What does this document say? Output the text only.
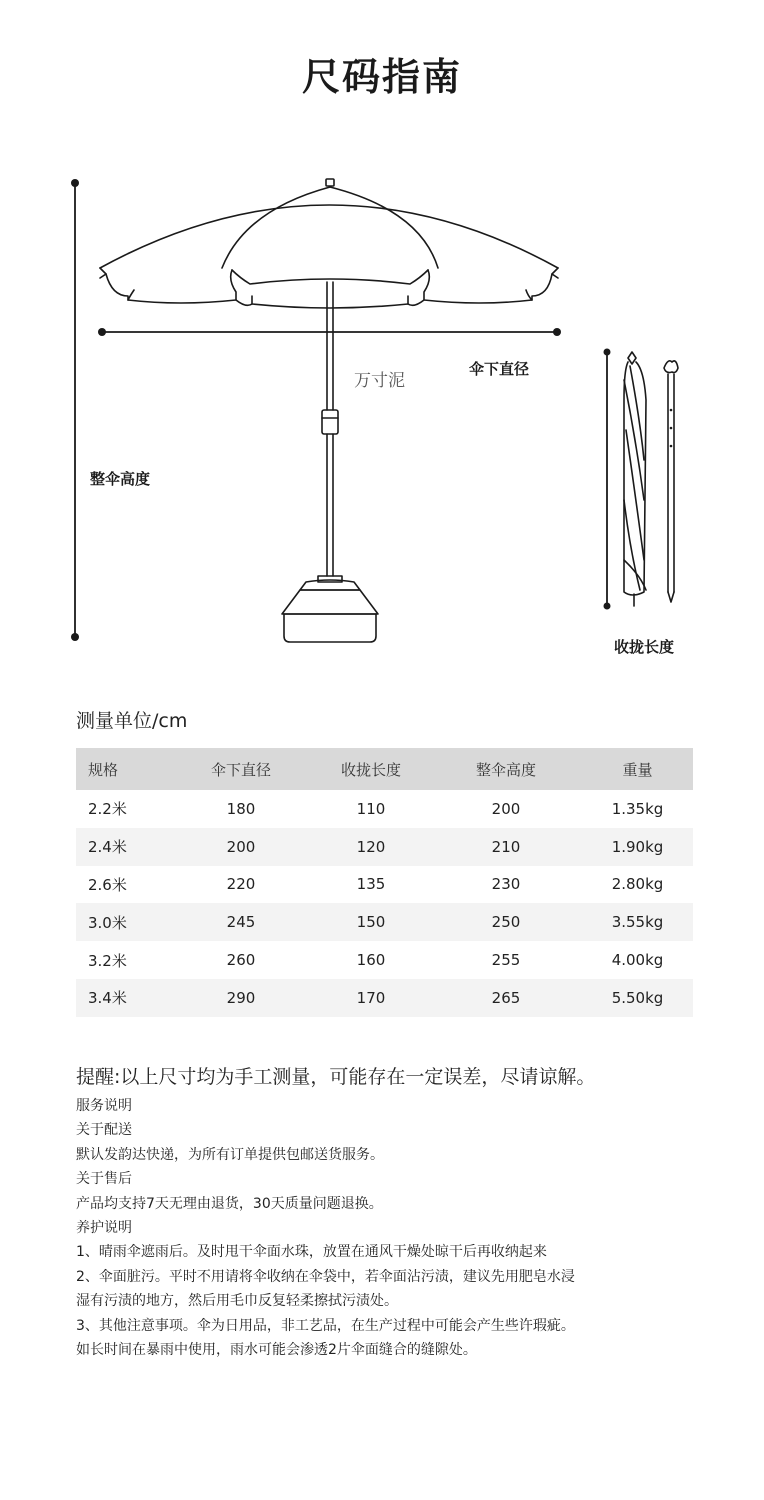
尺码指南
伞下直径
整伞高度
收拢长度
万寸泥
测量单位/cm
规格	伞下直径	收拢长度	整伞高度	重量
2.2米	180	110	200	1.35kg
2.4米	200	120	210	1.90kg
2.6米	220	135	230	2.80kg
3.0米	245	150	250	3.55kg
3.2米	260	160	255	4.00kg
3.4米	290	170	265	5.50kg
提醒:以上尺寸均为手工测量，可能存在一定误差，尽请谅解。
服务说明
关于配送
默认发韵达快递，为所有订单提供包邮送货服务。
关于售后
产品均支持7天无理由退货，30天质量问题退换。
养护说明
1、晴雨伞遮雨后。及时甩干伞面水珠，放置在通风干燥处晾干后再收纳起来
2、伞面脏污。平时不用请将伞收纳在伞袋中，若伞面沾污渍，建议先用肥皂水浸
湿有污渍的地方，然后用毛巾反复轻柔擦拭污渍处。
3、其他注意事项。伞为日用品，非工艺品，在生产过程中可能会产生些许瑕疵。
如长时间在暴雨中使用，雨水可能会渗透2片伞面缝合的缝隙处。
